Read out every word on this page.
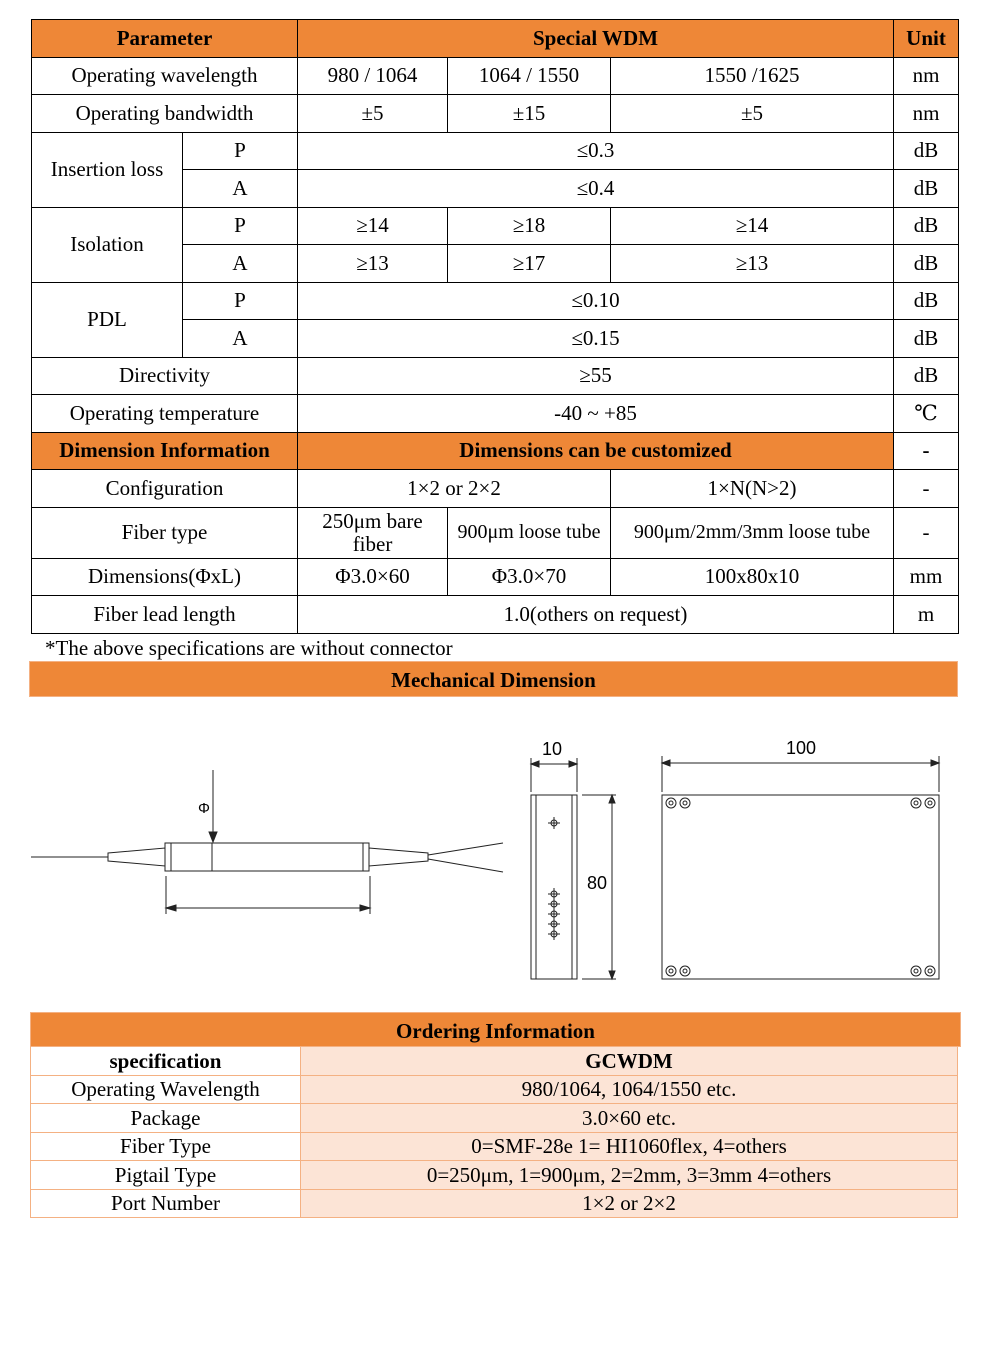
Parameter		Special WDM			Unit
Operating wavelength		980 / 1064	1064 / 1550	1550 /1625	nm
Operating bandwidth		±5	±15	±5	nm
Insertion loss	P	≤0.3			dB
	A	≤0.4			dB
Isolation	P	≥14	≥18	≥14	dB
	A	≥13	≥17	≥13	dB
PDL	P	≤0.10			dB
	A	≤0.15			dB
Directivity		≥55			dB
Operating temperature		-40 ~ +85			℃
Dimension Information		Dimensions can be customized			-
Configuration		1×2 or 2×2		1×N(N>2)	-
Fiber type		250μm bare fiber	900μm loose tube	900μm/2mm/3mm loose tube	-
Dimensions(ΦxL)		Φ3.0×60	Φ3.0×70	100x80x10	mm
Fiber lead length		1.0(others on request)			m
*The above specifications are without connector
Mechanical Dimension
Φ
10
80
100
Ordering Information
specification	GCWDM
Operating Wavelength	980/1064, 1064/1550 etc.
Package	3.0×60 etc.
Fiber Type	0=SMF-28e 1= HI1060flex, 4=others
Pigtail Type	0=250μm, 1=900μm, 2=2mm, 3=3mm 4=others
Port Number	1×2 or 2×2
